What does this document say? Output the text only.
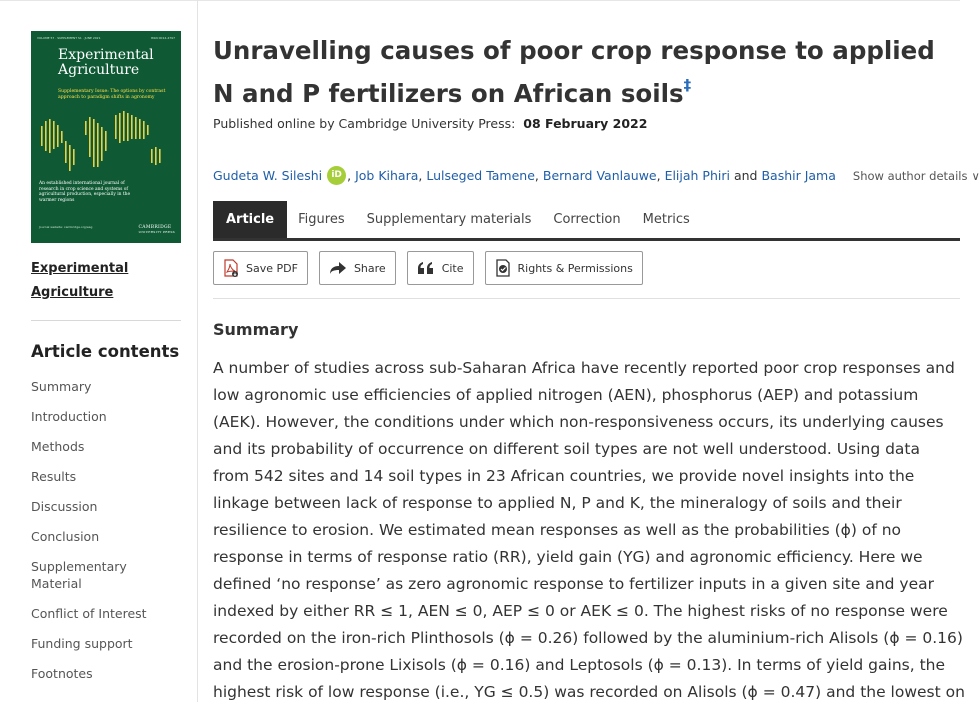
VOLUME 57 · SUPPLEMENT S1 · JUNE 2021	ISSN 0014-4797
Experimental
Agriculture
Supplementary Issue: The options by contrast approach to paradigm shifts in agronomy
An established international journal of research in crop science and systems of agricultural production, especially in the warmer regions
Journal website: cambridge.org/eag	CAMBRIDGE
UNIVERSITY PRESS
Experimental
Agriculture
Article contents
Summary
Introduction
Methods
Results
Discussion
Conclusion
Supplementary Material
Conflict of Interest
Funding support
Footnotes
Unravelling causes of poor crop response to applied N and P fertilizers on African soils‡
Published online by Cambridge University Press: 08 February 2022
Gudeta W. Sileshi	iD , Job Kihara , Lulseged Tamene , Bernard Vanlauwe , Elijah Phiri and Bashir Jama Show author details ∨
Article	Figures	Supplementary materials	Correction	Metrics
Save PDF	Share	Cite	Rights & Permissions
Summary
A number of studies across sub-Saharan Africa have recently reported poor crop responses and
low agronomic use efficiencies of applied nitrogen (AEN), phosphorus (AEP) and potassium
(AEK). However, the conditions under which non-responsiveness occurs, its underlying causes
and its probability of occurrence on different soil types are not well understood. Using data
from 542 sites and 14 soil types in 23 African countries, we provide novel insights into the
linkage between lack of response to applied N, P and K, the mineralogy of soils and their
resilience to erosion. We estimated mean responses as well as the probabilities (ϕ) of no
response in terms of response ratio (RR), yield gain (YG) and agronomic efficiency. Here we
defined ‘no response’ as zero agronomic response to fertilizer inputs in a given site and year
indexed by either RR ≤ 1, AEN ≤ 0, AEP ≤ 0 or AEK ≤ 0. The highest risks of no response were
recorded on the iron-rich Plinthosols (ϕ = 0.26) followed by the aluminium-rich Alisols (ϕ = 0.16)
and the erosion-prone Lixisols (ϕ = 0.16) and Leptosols (ϕ = 0.13). In terms of yield gains, the
highest risk of low response (i.e., YG ≤ 0.5) was recorded on Alisols (ϕ = 0.47) and the lowest on
